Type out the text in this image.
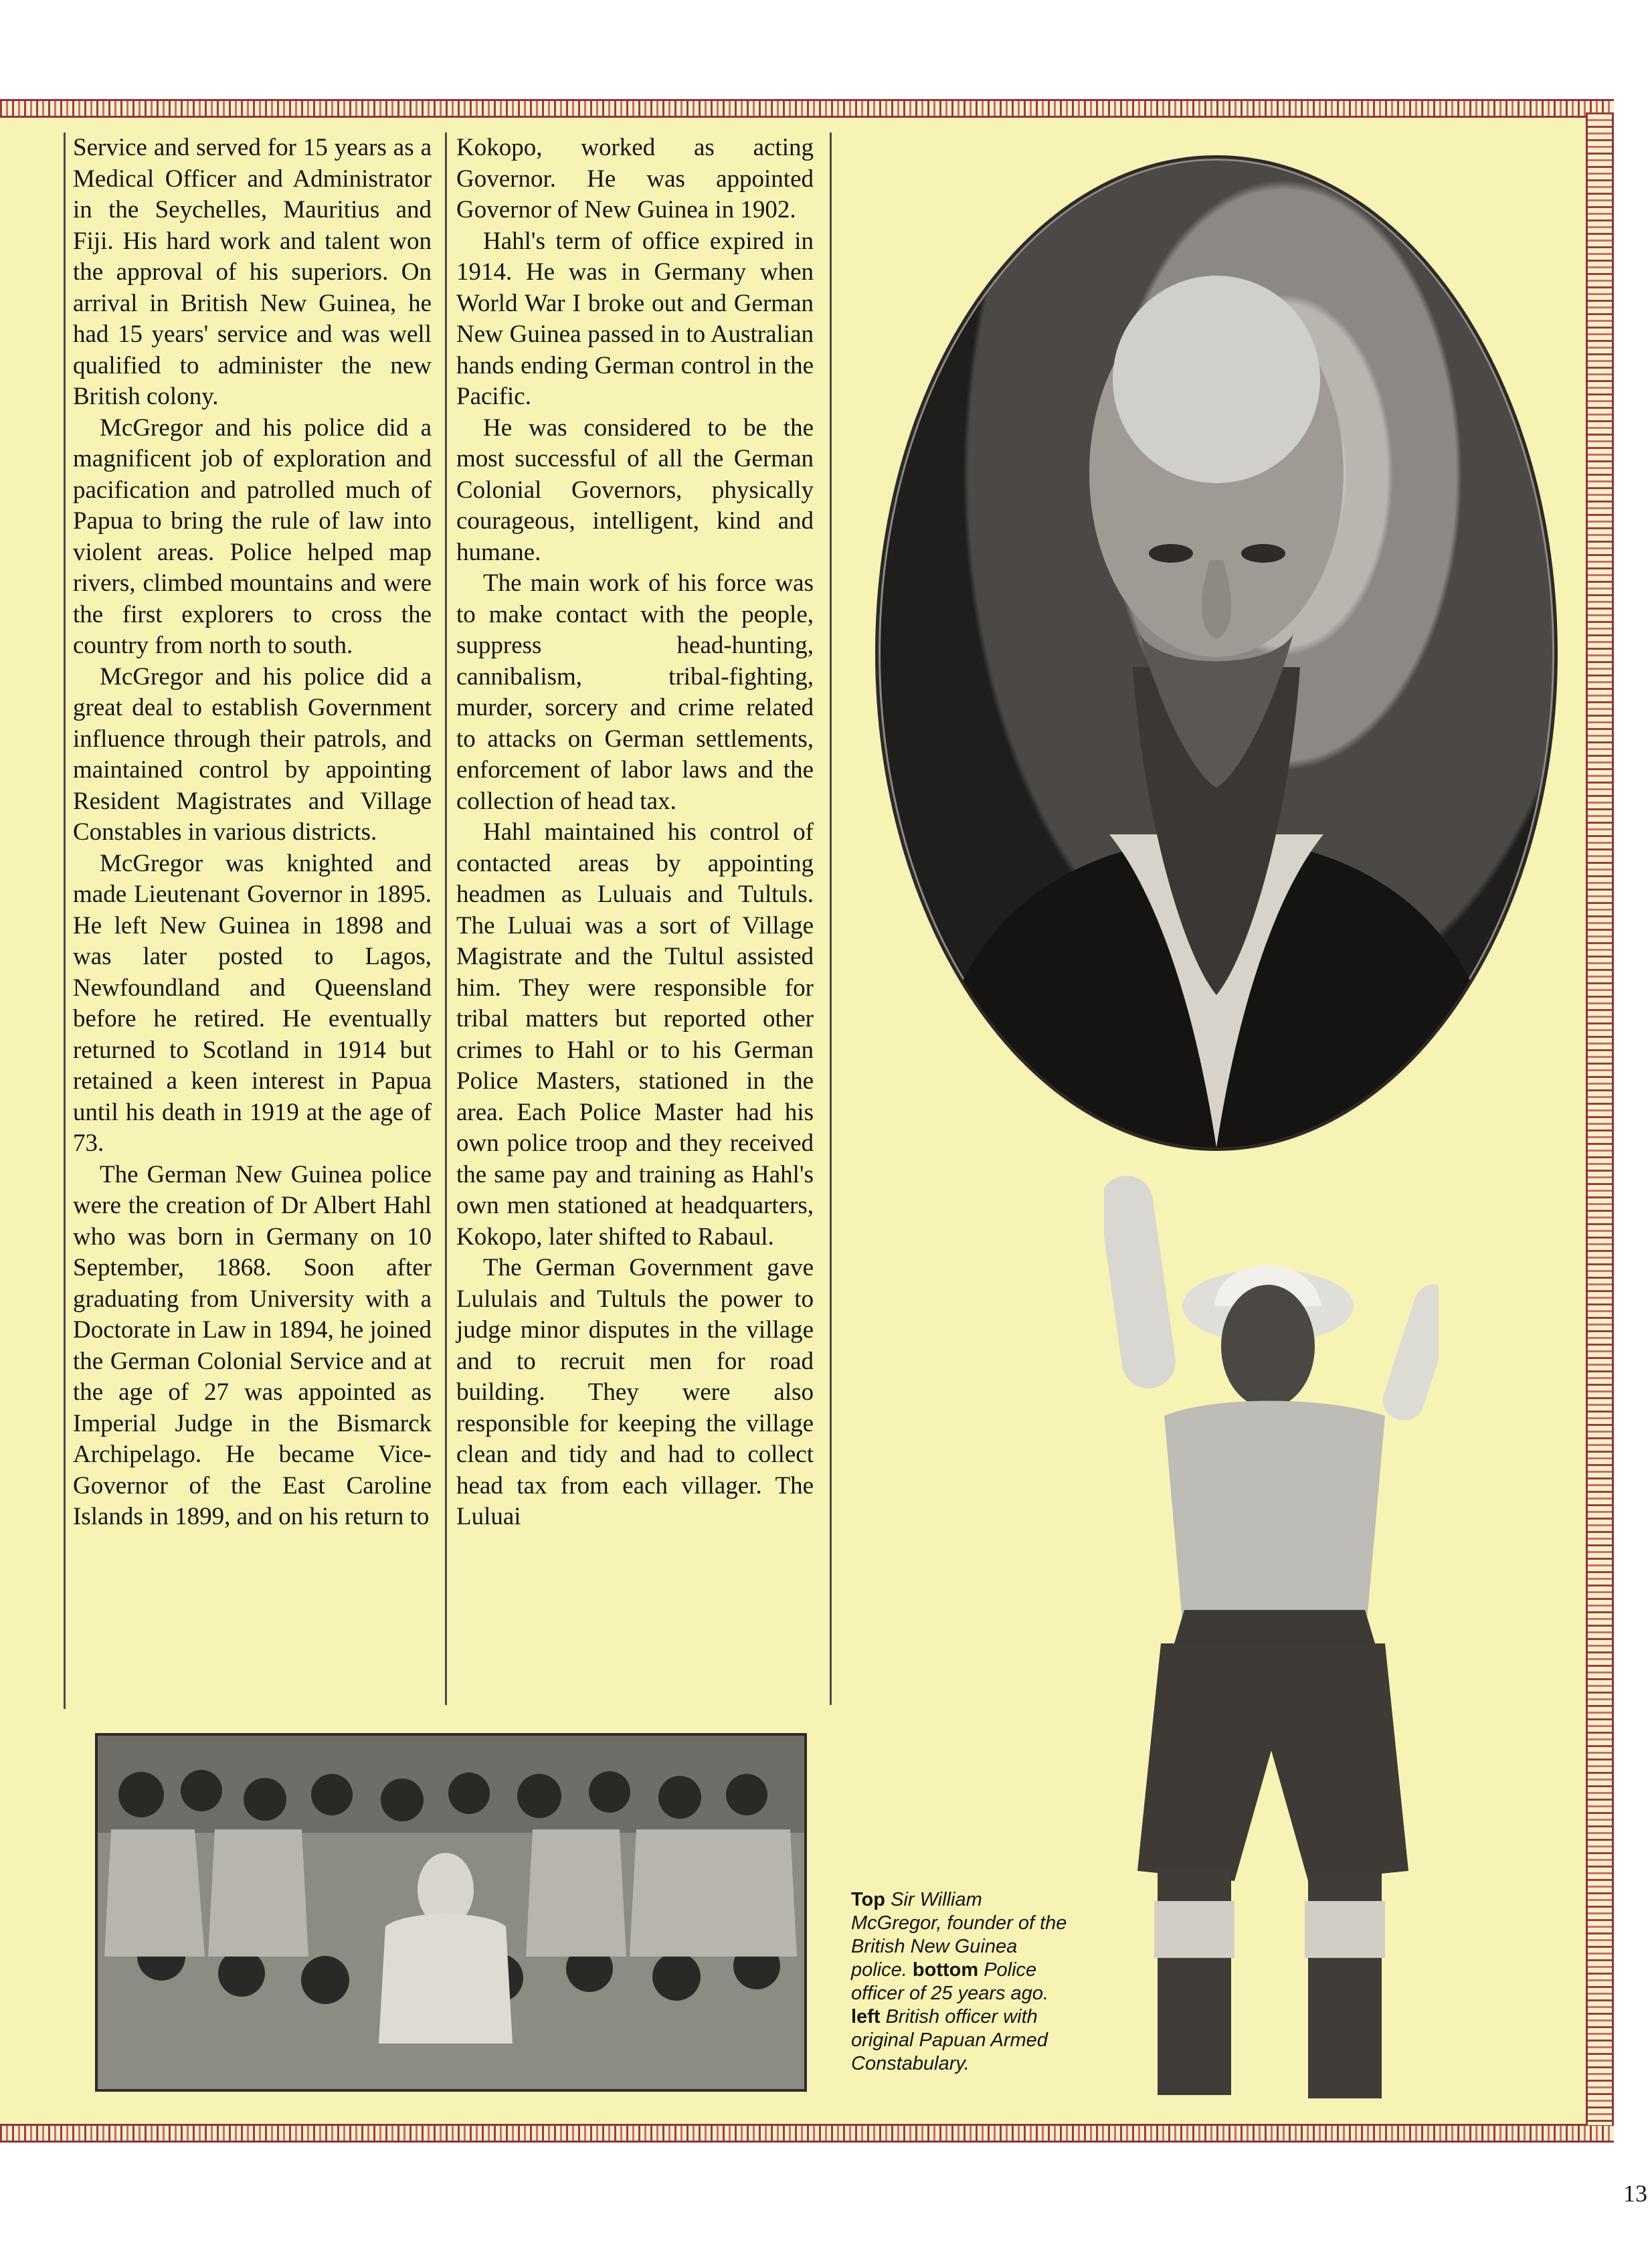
Service and served for 15 years as a Medical Officer and Administrator in the Seychelles, Mauritius and Fiji. His hard work and talent won the approval of his superiors. On arrival in British New Guinea, he had 15 years' service and was well qualified to administer the new British colony.

McGregor and his police did a magnificent job of exploration and pacification and patrolled much of Papua to bring the rule of law into violent areas. Police helped map rivers, climbed mountains and were the first explorers to cross the country from north to south.

McGregor and his police did a great deal to establish Government influence through their patrols, and maintained control by appointing Resident Magistrates and Village Constables in various districts.

McGregor was knighted and made Lieutenant Governor in 1895. He left New Guinea in 1898 and was later posted to Lagos, Newfoundland and Queensland before he retired. He eventually returned to Scotland in 1914 but retained a keen interest in Papua until his death in 1919 at the age of 73.

The German New Guinea police were the creation of Dr Albert Hahl who was born in Germany on 10 September, 1868. Soon after graduating from University with a Doctorate in Law in 1894, he joined the German Colonial Service and at the age of 27 was appointed as Imperial Judge in the Bismarck Archipelago. He became Vice-Governor of the East Caroline Islands in 1899, and on his return to

Kokopo, worked as acting Governor. He was appointed Governor of New Guinea in 1902.

Hahl's term of office expired in 1914. He was in Germany when World War I broke out and German New Guinea passed in to Australian hands ending German control in the Pacific.

He was considered to be the most successful of all the German Colonial Governors, physically courageous, intelligent, kind and humane.

The main work of his force was to make contact with the people, suppress head-hunting, cannibalism, tribal-fighting, murder, sorcery and crime related to attacks on German settlements, enforcement of labor laws and the collection of head tax.

Hahl maintained his control of contacted areas by appointing headmen as Luluais and Tultuls. The Luluai was a sort of Village Magistrate and the Tultul assisted him. They were responsible for tribal matters but reported other crimes to Hahl or to his German Police Masters, stationed in the area. Each Police Master had his own police troop and they received the same pay and training as Hahl's own men stationed at headquarters, Kokopo, later shifted to Rabaul.

The German Government gave Lululais and Tultuls the power to judge minor disputes in the village and to recruit men for road building. They were also responsible for keeping the village clean and tidy and had to collect head tax from each villager. The Luluai

Top Sir William McGregor, founder of the British New Guinea police. bottom Police officer of 25 years ago. left British officer with original Papuan Armed Constabulary.
13
